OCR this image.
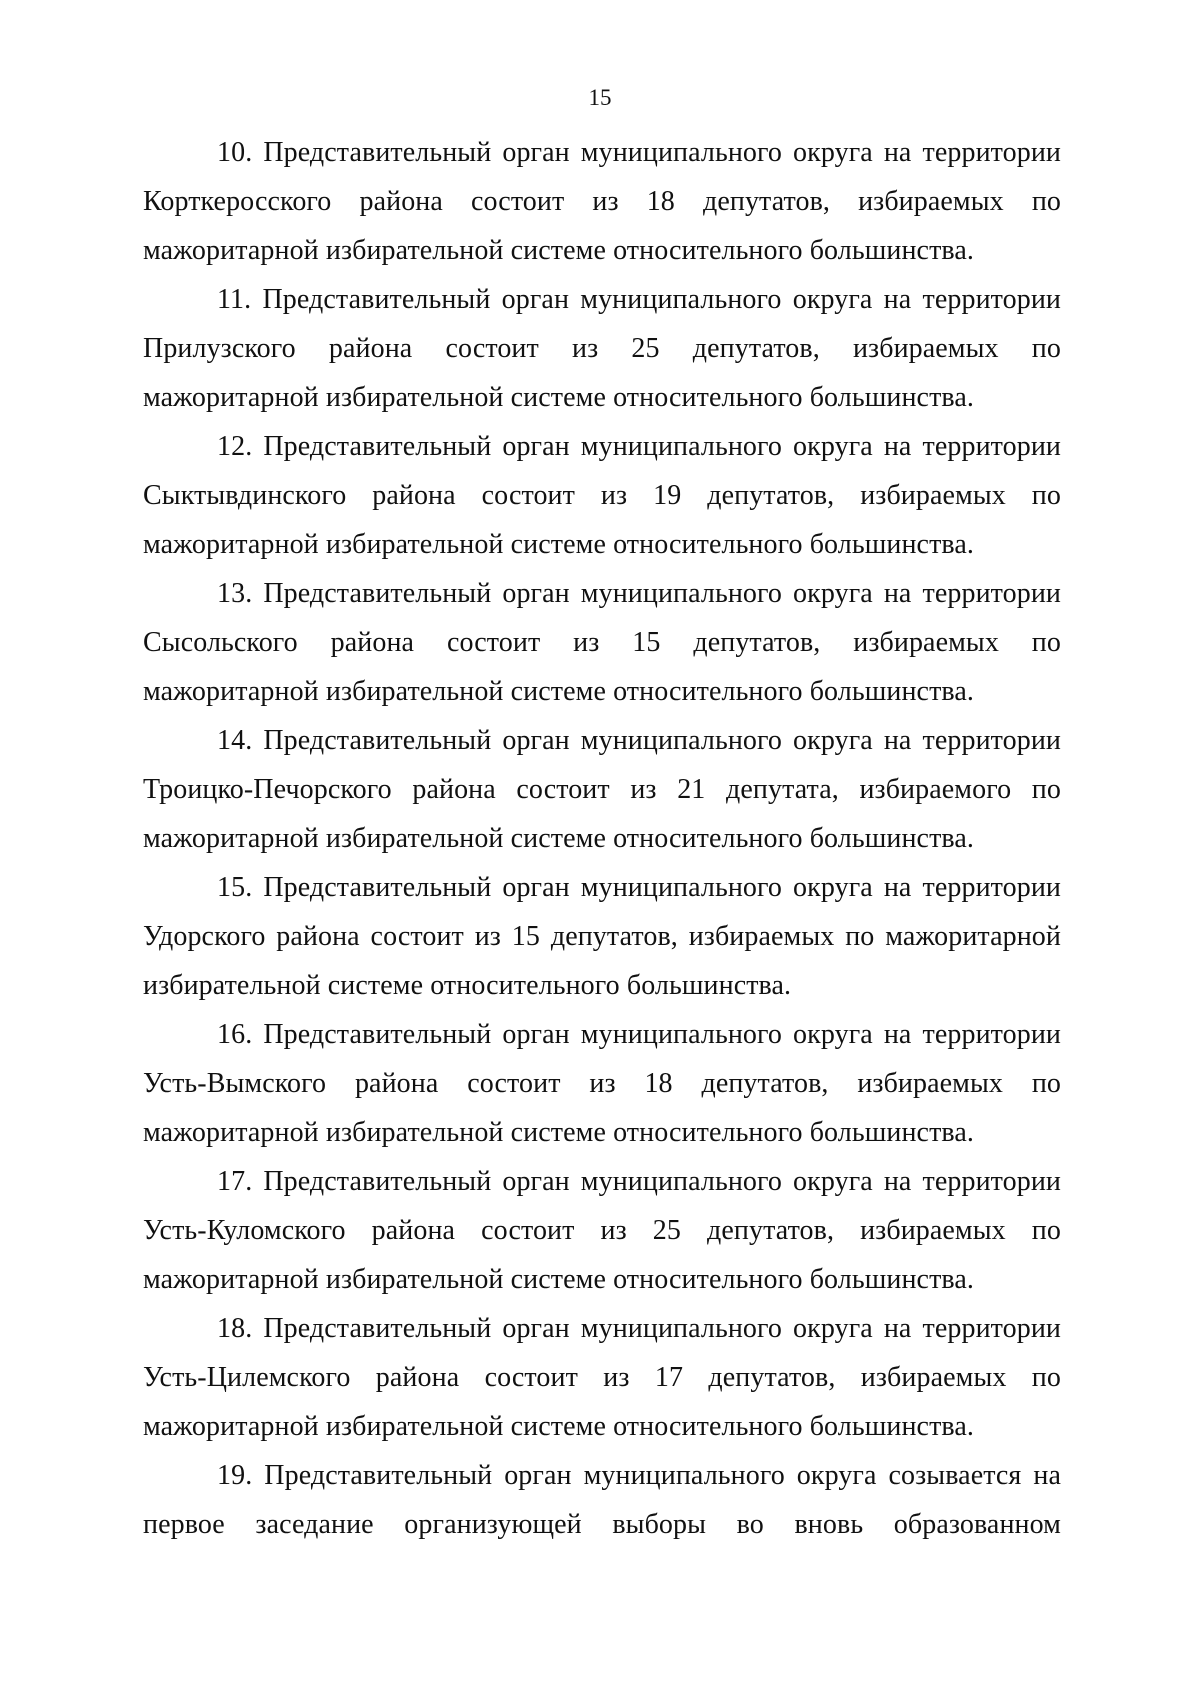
15

10. Представительный орган муниципального округа на территории Корткеросского района состоит из 18 депутатов, избираемых по мажоритарной избирательной системе относительного большинства.

11. Представительный орган муниципального округа на территории Прилузского района состоит из 25 депутатов, избираемых по мажоритарной избирательной системе относительного большинства.

12. Представительный орган муниципального округа на территории Сыктывдинского района состоит из 19 депутатов, избираемых по мажоритарной избирательной системе относительного большинства.

13. Представительный орган муниципального округа на территории Сысольского района состоит из 15 депутатов, избираемых по мажоритарной избирательной системе относительного большинства.

14. Представительный орган муниципального округа на территории Троицко-Печорского района состоит из 21 депутата, избираемого по мажоритарной избирательной системе относительного большинства.

15. Представительный орган муниципального округа на территории Удорского района состоит из 15 депутатов, избираемых по мажоритарной избирательной системе относительного большинства.

16. Представительный орган муниципального округа на территории Усть-Вымского района состоит из 18 депутатов, избираемых по мажоритарной избирательной системе относительного большинства.

17. Представительный орган муниципального округа на территории Усть-Куломского района состоит из 25 депутатов, избираемых по мажоритарной избирательной системе относительного большинства.

18. Представительный орган муниципального округа на территории Усть-Цилемского района состоит из 17 депутатов, избираемых по мажоритарной избирательной системе относительного большинства.

19. Представительный орган муниципального округа созывается на первое заседание организующей выборы во вновь образованном
